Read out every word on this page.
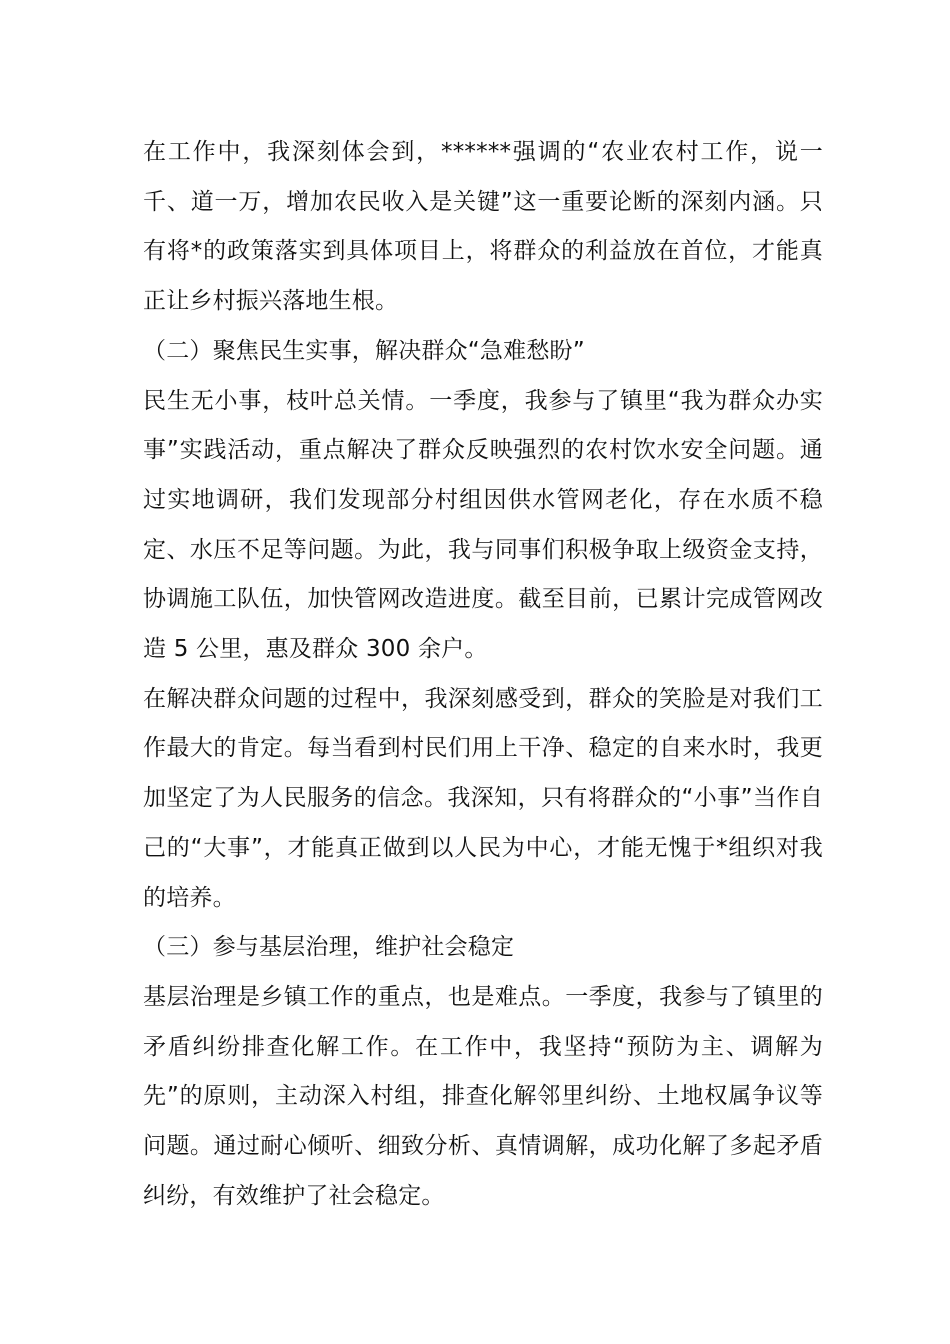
在工作中，我深刻体会到，******强调的“农业农村工作，说一千、道一万，增加农民收入是关键”这一重要论断的深刻内涵。只有将*的政策落实到具体项目上，将群众的利益放在首位，才能真正让乡村振兴落地生根。

（二）聚焦民生实事，解决群众“急难愁盼”

民生无小事，枝叶总关情。一季度，我参与了镇里“我为群众办实事”实践活动，重点解决了群众反映强烈的农村饮水安全问题。通过实地调研，我们发现部分村组因供水管网老化，存在水质不稳定、水压不足等问题。为此，我与同事们积极争取上级资金支持，协调施工队伍，加快管网改造进度。截至目前，已累计完成管网改造 5 公里，惠及群众 300 余户。

在解决群众问题的过程中，我深刻感受到，群众的笑脸是对我们工作最大的肯定。每当看到村民们用上干净、稳定的自来水时，我更加坚定了为人民服务的信念。我深知，只有将群众的“小事”当作自己的“大事”，才能真正做到以人民为中心，才能无愧于*组织对我的培养。

（三）参与基层治理，维护社会稳定

基层治理是乡镇工作的重点，也是难点。一季度，我参与了镇里的矛盾纠纷排查化解工作。在工作中，我坚持“预防为主、调解为先”的原则，主动深入村组，排查化解邻里纠纷、土地权属争议等问题。通过耐心倾听、细致分析、真情调解，成功化解了多起矛盾纠纷，有效维护了社会稳定。
